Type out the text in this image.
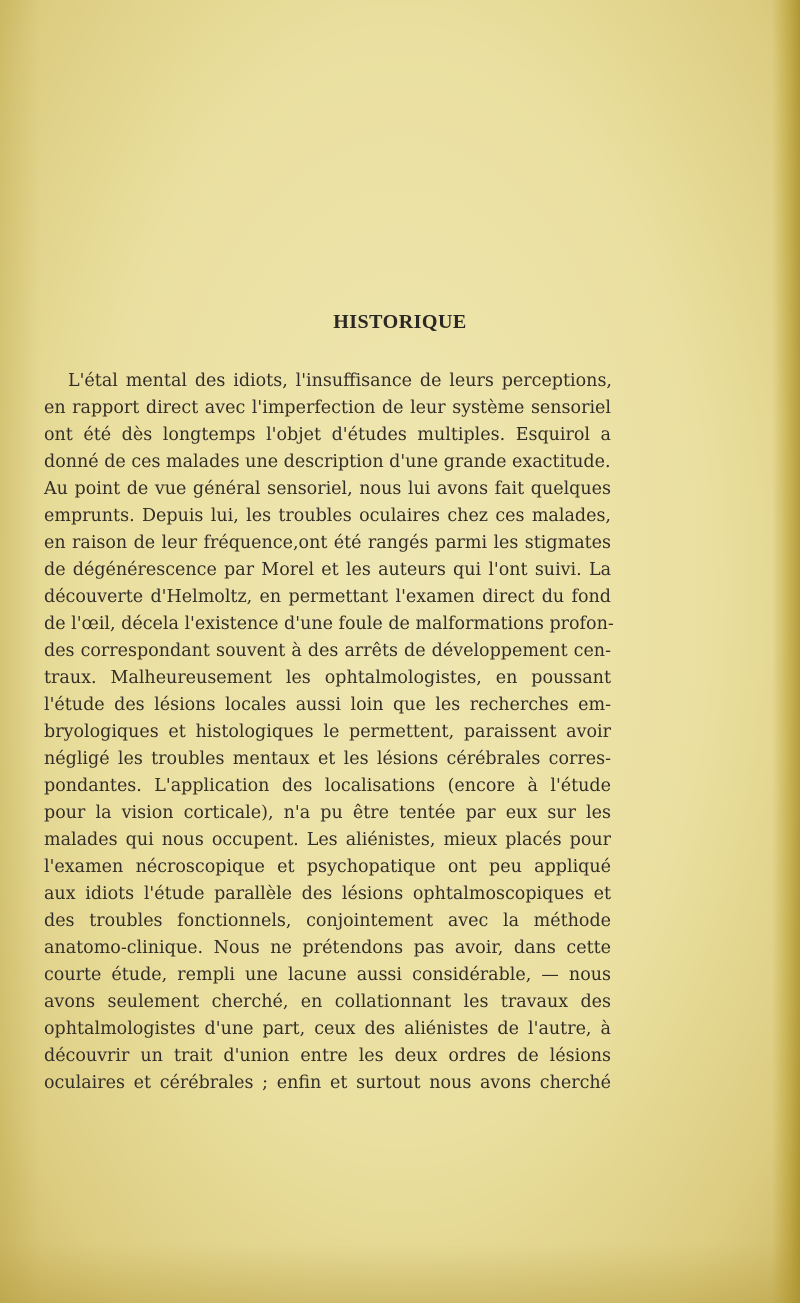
HISTORIQUE
L'étal mental des idiots, l'insuffisance de leurs perceptions,
en rapport direct avec l'imperfection de leur système sensoriel
ont été dès longtemps l'objet d'études multiples. Esquirol a
donné de ces malades une description d'une grande exactitude.
Au point de vue général sensoriel, nous lui avons fait quelques
emprunts. Depuis lui, les troubles oculaires chez ces malades,
en raison de leur fréquence,ont été rangés parmi les stigmates
de dégénérescence par Morel et les auteurs qui l'ont suivi. La
découverte d'Helmoltz, en permettant l'examen direct du fond
de l'œil, décela l'existence d'une foule de malformations profon-
des correspondant souvent à des arrêts de développement cen-
traux. Malheureusement les ophtalmologistes, en poussant
l'étude des lésions locales aussi loin que les recherches em-
bryologiques et histologiques le permettent, paraissent avoir
négligé les troubles mentaux et les lésions cérébrales corres-
pondantes. L'application des localisations (encore à l'étude
pour la vision corticale), n'a pu être tentée par eux sur les
malades qui nous occupent. Les aliénistes, mieux placés pour
l'examen nécroscopique et psychopatique ont peu appliqué
aux idiots l'étude parallèle des lésions ophtalmoscopiques et
des troubles fonctionnels, conjointement avec la méthode
anatomo-clinique. Nous ne prétendons pas avoir, dans cette
courte étude, rempli une lacune aussi considérable, — nous
avons seulement cherché, en collationnant les travaux des
ophtalmologistes d'une part, ceux des aliénistes de l'autre, à
découvrir un trait d'union entre les deux ordres de lésions
oculaires et cérébrales ; enfin et surtout nous avons cherché
